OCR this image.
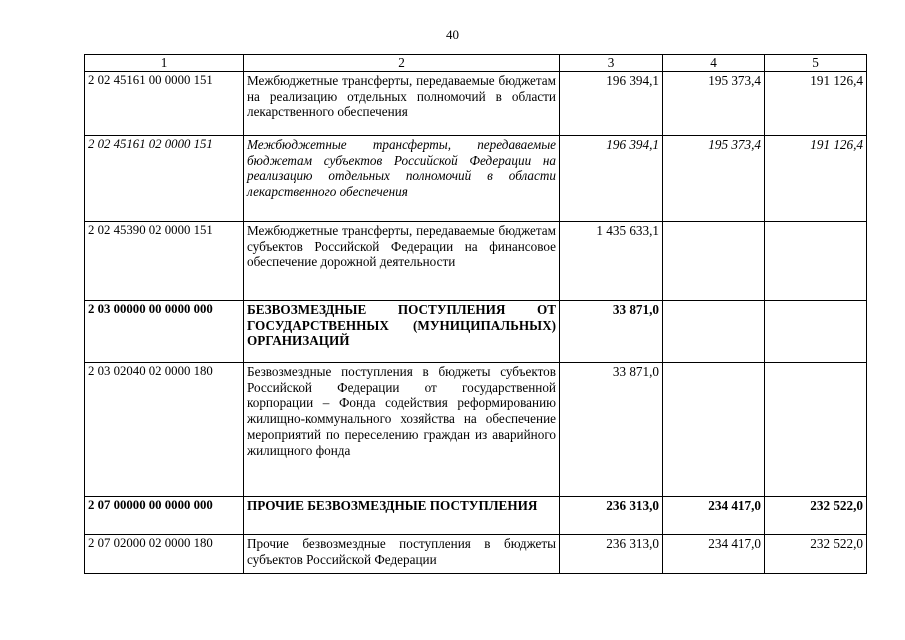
40
1	2	3	4	5
2 02 45161 00 0000 151	Межбюджетные трансферты, передаваемые бюджетам на реализацию отдельных полномочий в области лекарственного обеспечения	196 394,1	195 373,4	191 126,4
2 02 45161 02 0000 151	Межбюджетные трансферты, передаваемые бюджетам субъектов Российской Федерации на реализацию отдельных полномочий в области лекарственного обеспечения	196 394,1	195 373,4	191 126,4
2 02 45390 02 0000 151	Межбюджетные трансферты, передаваемые бюджетам субъектов Российской Федерации на финансовое обеспечение дорожной деятельности	1 435 633,1		
2 03 00000 00 0000 000	БЕЗВОЗМЕЗДНЫЕ ПОСТУПЛЕНИЯ ОТ ГОСУДАРСТВЕННЫХ (МУНИЦИПАЛЬНЫХ) ОРГАНИЗАЦИЙ	33 871,0		
2 03 02040 02 0000 180	Безвозмездные поступления в бюджеты субъектов Российской Федерации от государственной корпорации – Фонда содействия реформированию жилищно-коммунального хозяйства на обеспечение мероприятий по переселению граждан из аварийного жилищного фонда	33 871,0		
2 07 00000 00 0000 000	ПРОЧИЕ БЕЗВОЗМЕЗДНЫЕ ПОСТУПЛЕНИЯ	236 313,0	234 417,0	232 522,0
2 07 02000 02 0000 180	Прочие безвозмездные поступления в бюджеты субъектов Российской Федерации	236 313,0	234 417,0	232 522,0
